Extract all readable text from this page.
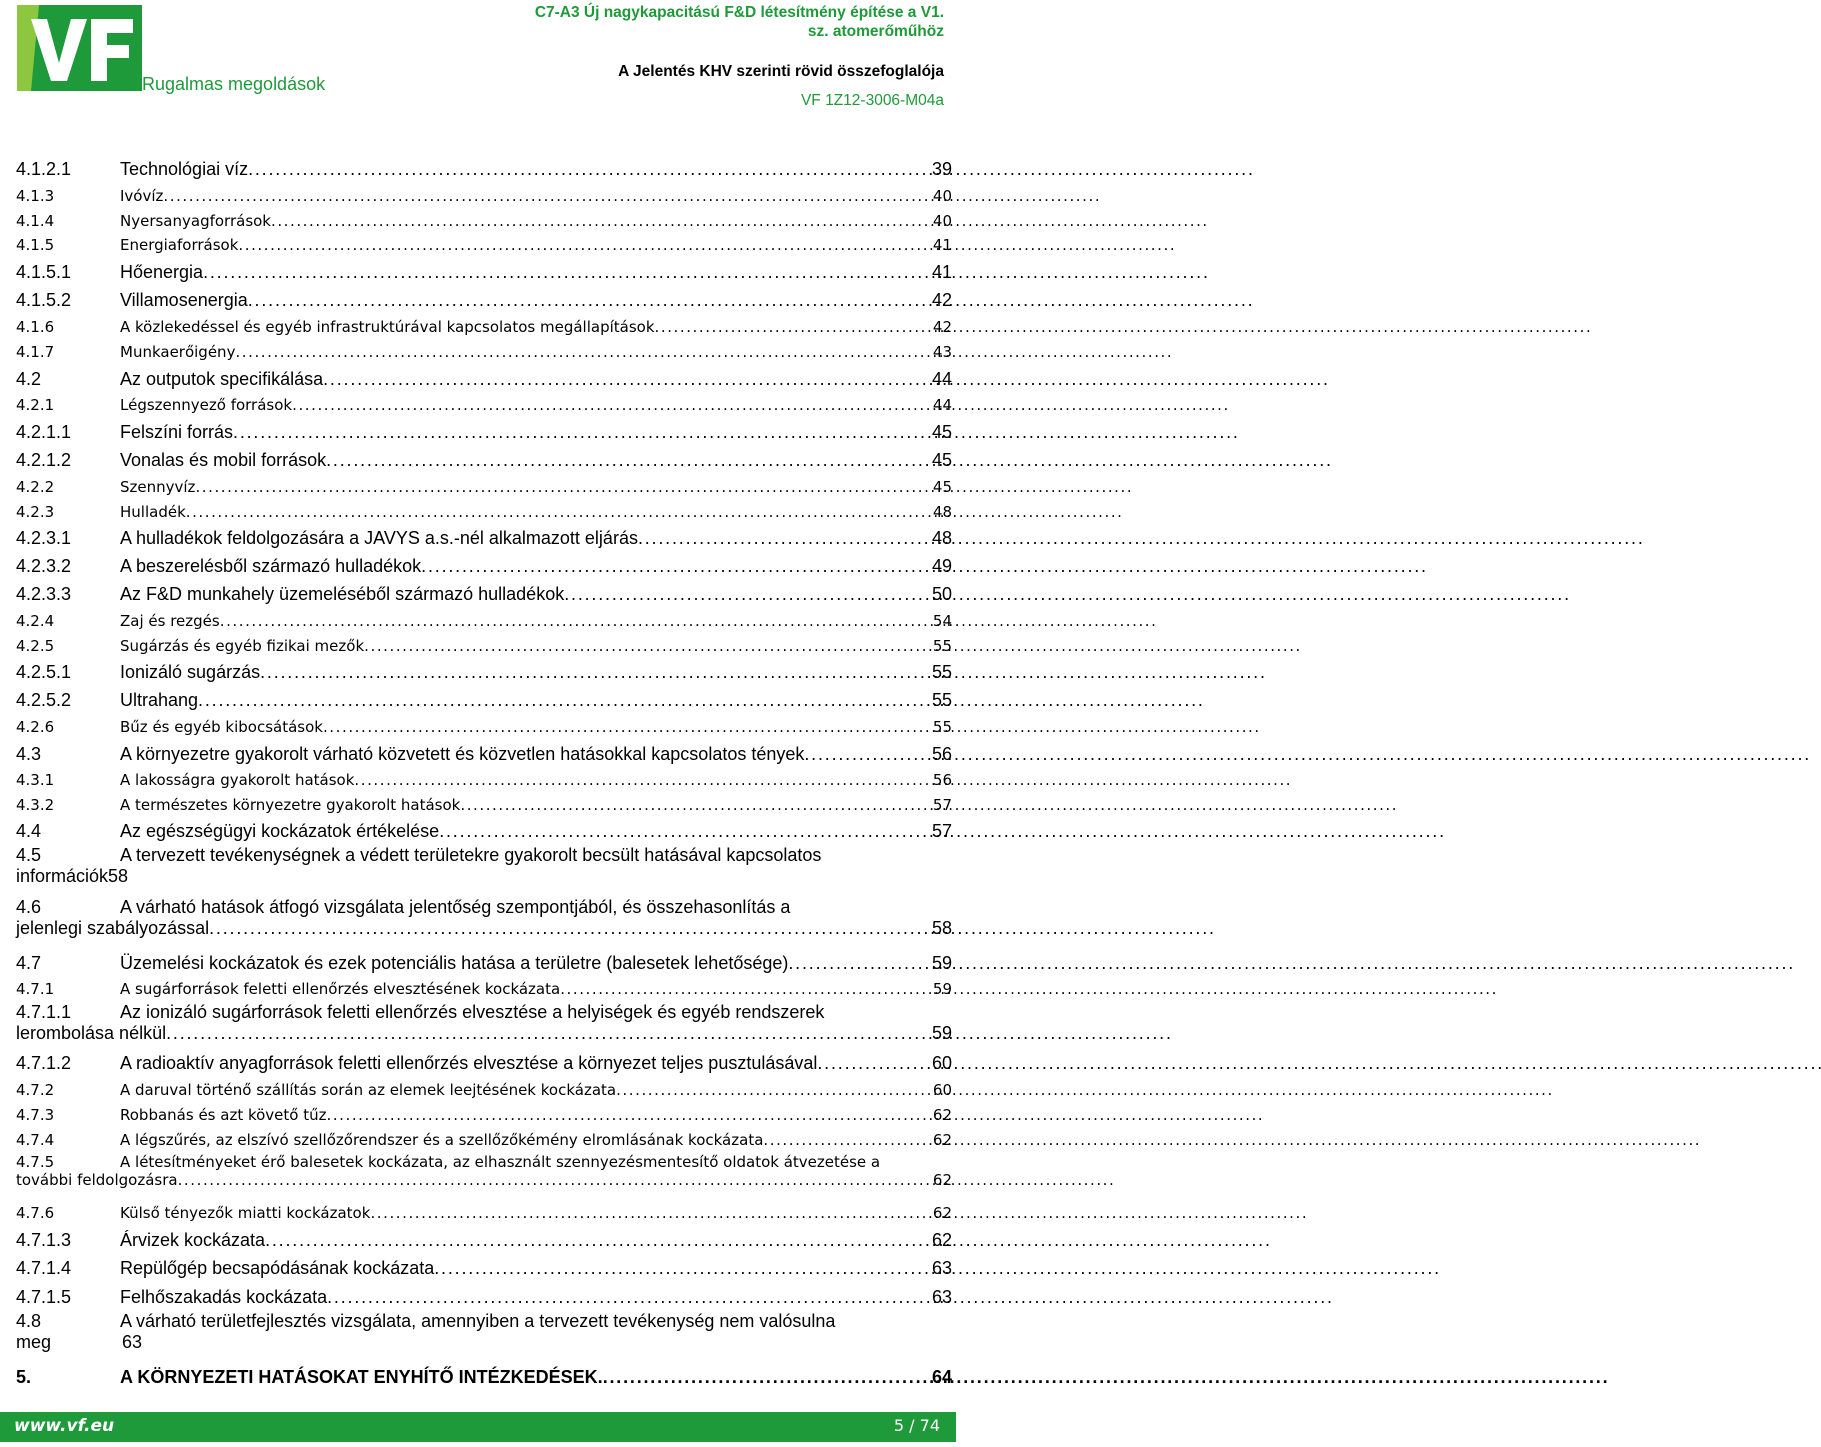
Rugalmas megoldások
C7-A3 Új nagykapacitású F&D létesítmény építése a V1.
sz. atomerőműhöz
A Jelentés KHV szerinti rövid összefoglalója
VF 1Z12-3006-M04a
4.1.2.1	Technológiai víz . . .	39
4.1.3	Ivóvíz . . .	40
4.1.4	Nyersanyagforrások . . .	40
4.1.5	Energiaforrások . . .	41
4.1.5.1	Hőenergia . . .	41
4.1.5.2	Villamosenergia . . .	42
4.1.6	A közlekedéssel és egyéb infrastruktúrával kapcsolatos megállapítások . . .	42
4.1.7	Munkaerőigény . . .	43
4.2	Az outputok specifikálása . . .	44
4.2.1	Légszennyező források . . .	44
4.2.1.1	Felszíni forrás . . .	45
4.2.1.2	Vonalas és mobil források . . .	45
4.2.2	Szennyvíz . . .	45
4.2.3	Hulladék . . .	48
4.2.3.1	A hulladékok feldolgozására a JAVYS a.s.-nél alkalmazott eljárás . . .	48
4.2.3.2	A beszerelésből származó hulladékok . . .	49
4.2.3.3	Az F&D munkahely üzemeléséből származó hulladékok . . .	50
4.2.4	Zaj és rezgés . . .	54
4.2.5	Sugárzás és egyéb fizikai mezők . . .	55
4.2.5.1	Ionizáló sugárzás . . .	55
4.2.5.2	Ultrahang . . .	55
4.2.6	Bűz és egyéb kibocsátások . . .	55
4.3	A környezetre gyakorolt várható közvetett és közvetlen hatásokkal kapcsolatos tények . . .	56
4.3.1	A lakosságra gyakorolt hatások . . .	56
4.3.2	A természetes környezetre gyakorolt hatások . . .	57
4.4	Az egészségügyi kockázatok értékelése . . .	57
4.5	A tervezett tevékenységnek a védett területekre gyakorolt becsült hatásával kapcsolatos
információk 58
4.6	A várható hatások átfogó vizsgálata jelentőség szempontjából, és összehasonlítás a
jelenlegi szabályozással . . .	58
4.7	Üzemelési kockázatok és ezek potenciális hatása a területre (balesetek lehetősége) . . .	59
4.7.1	A sugárforrások feletti ellenőrzés elvesztésének kockázata . . .	59
4.7.1.1	Az ionizáló sugárforrások feletti ellenőrzés elvesztése a helyiségek és egyéb rendszerek
lerombolása nélkül . . .	59
4.7.1.2	A radioaktív anyagforrások feletti ellenőrzés elvesztése a környezet teljes pusztulásával . . .	60
4.7.2	A daruval történő szállítás során az elemek leejtésének kockázata . . .	60
4.7.3	Robbanás és azt követő tűz . . .	62
4.7.4	A légszűrés, az elszívó szellőzőrendszer és a szellőzőkémény elromlásának kockázata . . .	62
4.7.5	A létesítményeket érő balesetek kockázata, az elhasznált szennyezésmentesítő oldatok átvezetése a
további feldolgozásra . . .	62
4.7.6	Külső tényezők miatti kockázatok . . .	62
4.7.1.3	Árvizek kockázata . . .	62
4.7.1.4	Repülőgép becsapódásának kockázata . . .	63
4.7.1.5	Felhőszakadás kockázata . . .	63
4.8	A várható területfejlesztés vizsgálata, amennyiben a tervezett tevékenység nem valósulna
meg	63
5.	A KÖRNYEZETI HATÁSOKAT ENYHÍTŐ INTÉZKEDÉSEK. . . .	64
www.vf.eu	5 / 74
